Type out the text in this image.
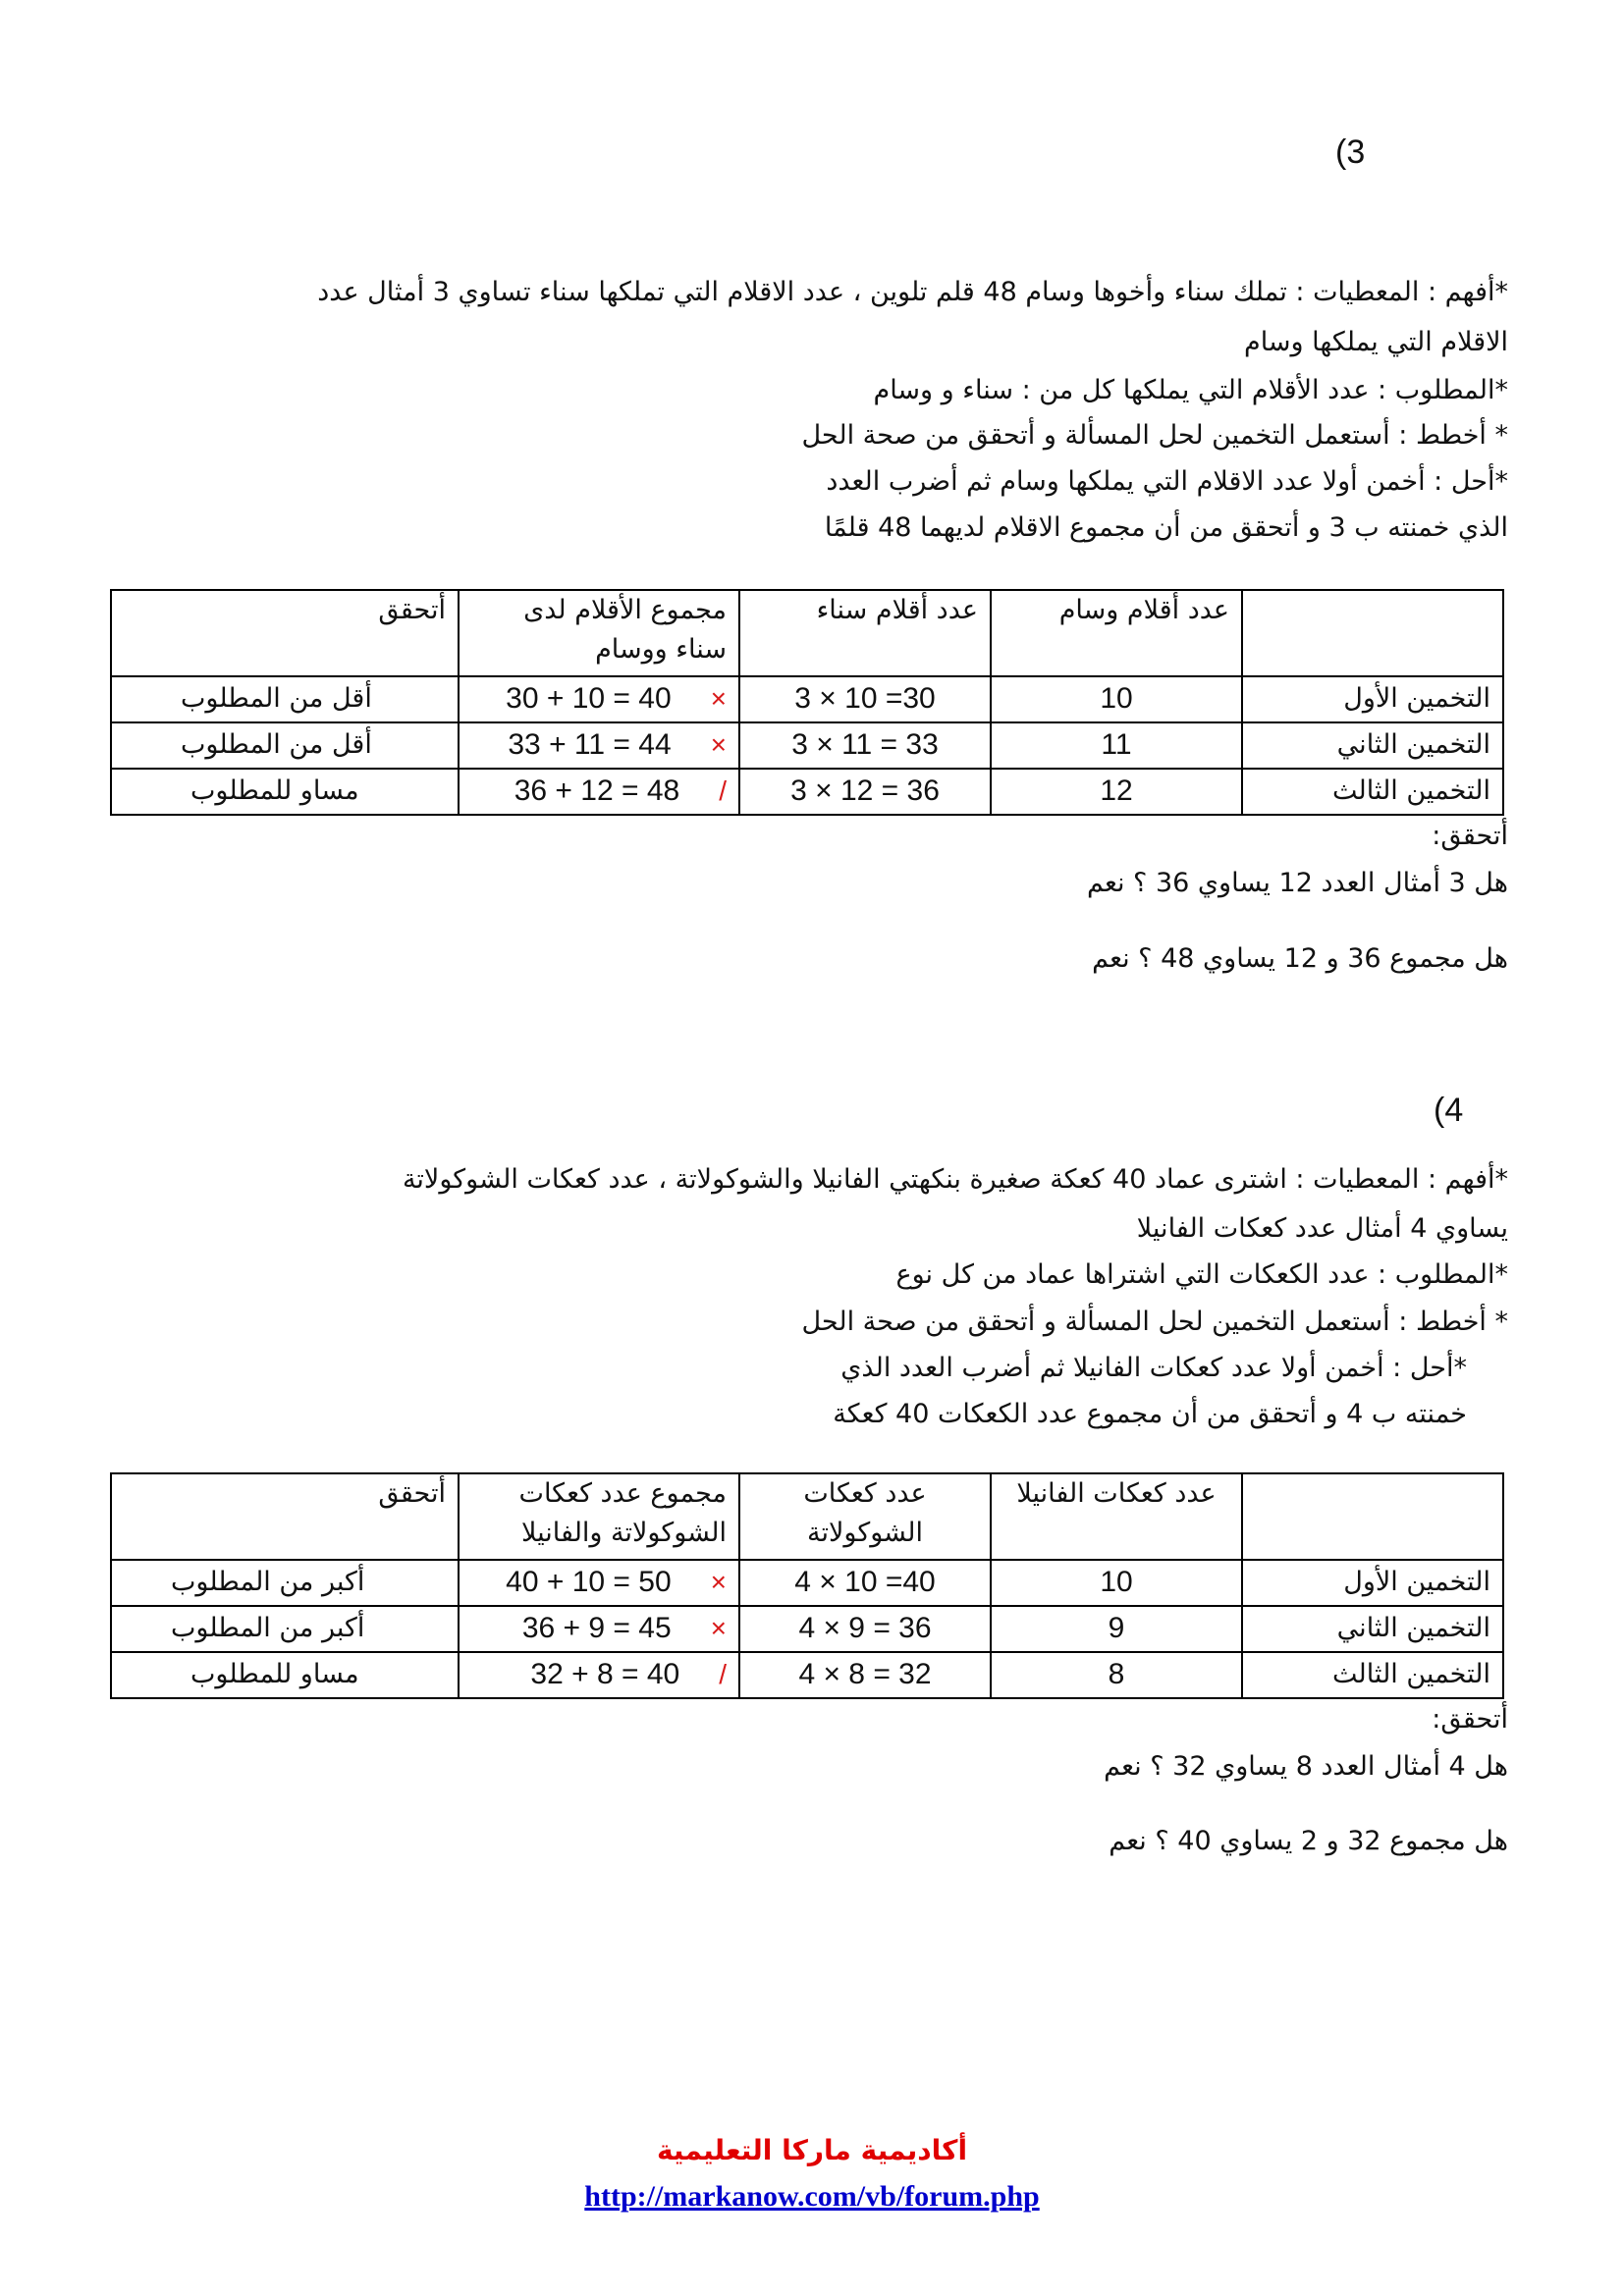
(3
*أفهم : المعطيات : تملك سناء وأخوها وسام 48 قلم تلوين ، عدد الاقلام التي تملكها سناء تساوي 3 أمثال عدد
الاقلام التي يملكها وسام
*المطلوب : عدد الأقلام التي يملكها كل من : سناء و وسام
* أخطط : أستعمل التخمين لحل المسألة و أتحقق من صحة الحل
*أحل : أخمن أولا عدد الاقلام التي يملكها وسام ثم أضرب العدد
الذي خمنته ب 3 و أتحقق من أن مجموع الاقلام لديهما 48 قلمًا
	عدد أقلام وسام	عدد أقلام سناء	مجموع الأقلام لدى سناء ووسام	أتحقق
التخمين الأول	10	3 × 10 =30	×30 + 10 = 40	أقل من المطلوب
التخمين الثاني	11	3 × 11 = 33	×33 + 11 = 44	أقل من المطلوب
التخمين الثالث	12	3 × 12 = 36	/36 + 12 = 48	مساو للمطلوب
أتحقق:
هل 3 أمثال العدد 12 يساوي 36 ؟ نعم
هل مجموع 36 و 12 يساوي 48 ؟ نعم
(4
*أفهم : المعطيات : اشترى عماد 40 كعكة صغيرة بنكهتي الفانيلا والشوكولاتة ، عدد كعكات الشوكولاتة
يساوي 4 أمثال عدد كعكات الفانيلا
*المطلوب : عدد الكعكات التي اشتراها عماد من كل نوع
* أخطط : أستعمل التخمين لحل المسألة و أتحقق من صحة الحل
*أحل : أخمن أولا عدد كعكات الفانيلا ثم أضرب العدد الذي
خمنته ب 4 و أتحقق من أن مجموع عدد الكعكات 40 كعكة
	عدد كعكات الفانيلا	عدد كعكات الشوكولاتة	مجموع عدد كعكات الشوكولاتة والفانيلا	أتحقق
التخمين الأول	10	4 × 10 =40	×40 + 10 = 50	أكبر من المطلوب
التخمين الثاني	9	4 × 9 = 36	×36 + 9 = 45	أكبر من المطلوب
التخمين الثالث	8	4 × 8 = 32	/32 + 8 = 40	مساو للمطلوب
أتحقق:
هل 4 أمثال العدد 8 يساوي 32 ؟ نعم
هل مجموع 32 و 2 يساوي 40 ؟ نعم
أكاديمية ماركا التعليمية
http://markanow.com/vb/forum.php
